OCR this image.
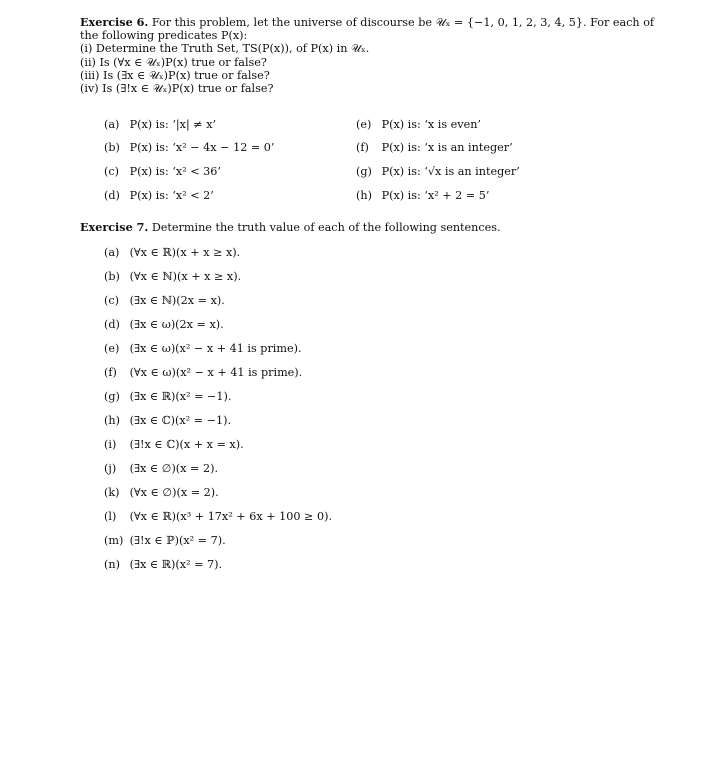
Exercise 6. For this problem, let the universe of discourse be 𝒰ₓ = {−1, 0, 1, 2, 3, 4, 5}. For each of
the following predicates P(x):
(i) Determine the Truth Set, TS(P(x)), of P(x) in 𝒰ₓ.
(ii) Is (∀x ∈ 𝒰ₓ)P(x) true or false?
(iii) Is (∃x ∈ 𝒰ₓ)P(x) true or false?
(iv) Is (∃!x ∈ 𝒰ₓ)P(x) true or false?
(a) P(x) is: ‘|x| ≠ x’
(b) P(x) is: ‘x² − 4x − 12 = 0’
(c) P(x) is: ‘x² < 36’
(d) P(x) is: ‘x² < 2’
(e) P(x) is: ‘x is even’
(f) P(x) is: ‘x is an integer’
(g) P(x) is: ‘√x is an integer’
(h) P(x) is: ‘x² + 2 = 5’
Exercise 7. Determine the truth value of each of the following sentences.
(a) (∀x ∈ ℝ)(x + x ≥ x).
(b) (∀x ∈ ℕ)(x + x ≥ x).
(c) (∃x ∈ ℕ)(2x = x).
(d) (∃x ∈ ω)(2x = x).
(e) (∃x ∈ ω)(x² − x + 41 is prime).
(f) (∀x ∈ ω)(x² − x + 41 is prime).
(g) (∃x ∈ ℝ)(x² = −1).
(h) (∃x ∈ ℂ)(x² = −1).
(i) (∃!x ∈ ℂ)(x + x = x).
(j) (∃x ∈ ∅)(x = 2).
(k) (∀x ∈ ∅)(x = 2).
(l) (∀x ∈ ℝ)(x³ + 17x² + 6x + 100 ≥ 0).
(m) (∃!x ∈ ℙ)(x² = 7).
(n) (∃x ∈ ℝ)(x² = 7).
